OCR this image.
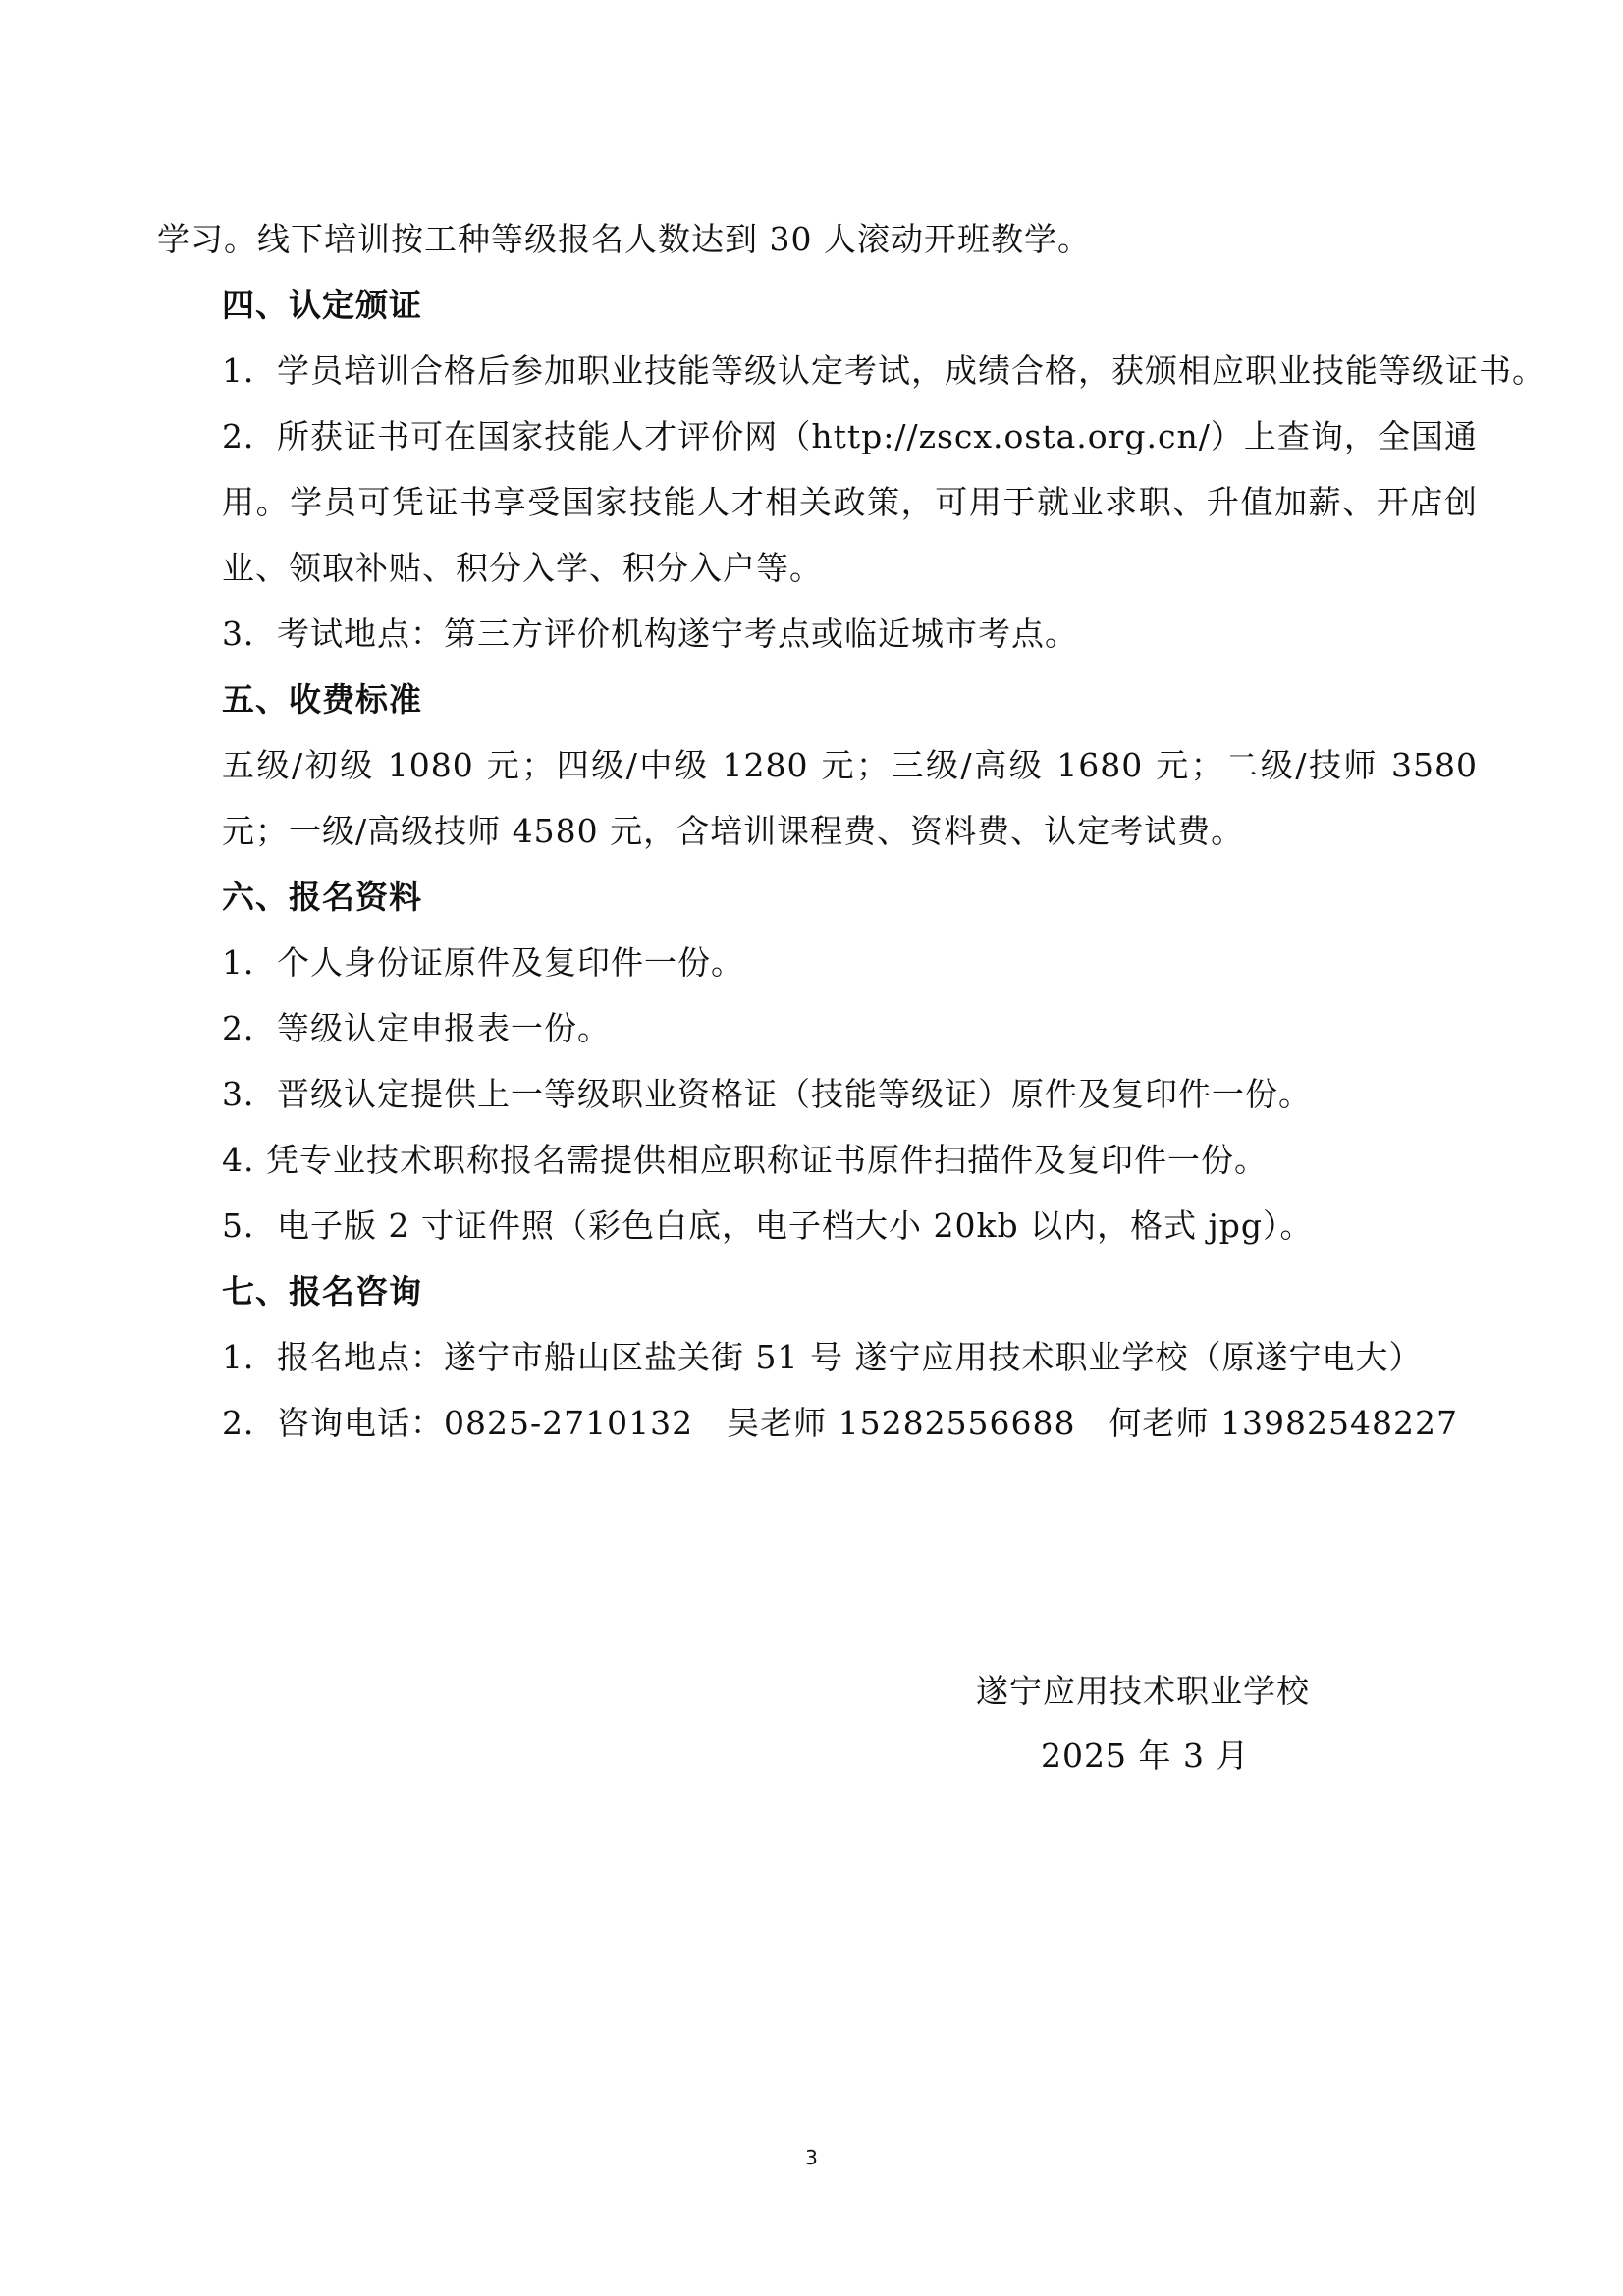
学习。线下培训按工种等级报名人数达到 30 人滚动开班教学。

四、认定颁证

1．学员培训合格后参加职业技能等级认定考试，成绩合格，获颁相应职业技能等级证书。

2．所获证书可在国家技能人才评价网（http://zscx.osta.org.cn/）上查询，全国通用。学员可凭证书享受国家技能人才相关政策，可用于就业求职、升值加薪、开店创业、领取补贴、积分入学、积分入户等。

3．考试地点：第三方评价机构遂宁考点或临近城市考点。

五、收费标准

五级/初级 1080 元；四级/中级 1280 元；三级/高级 1680 元；二级/技师 3580 元；一级/高级技师 4580 元，含培训课程费、资料费、认定考试费。

六、报名资料

1．个人身份证原件及复印件一份。

2．等级认定申报表一份。

3．晋级认定提供上一等级职业资格证（技能等级证）原件及复印件一份。

4. 凭专业技术职称报名需提供相应职称证书原件扫描件及复印件一份。

5．电子版 2 寸证件照（彩色白底，电子档大小 20kb 以内，格式 jpg）。

七、报名咨询

1．报名地点：遂宁市船山区盐关街 51 号 遂宁应用技术职业学校（原遂宁电大）

2．咨询电话：0825-2710132　吴老师 15282556688　何老师 13982548227

遂宁应用技术职业学校

2025 年 3 月

3
